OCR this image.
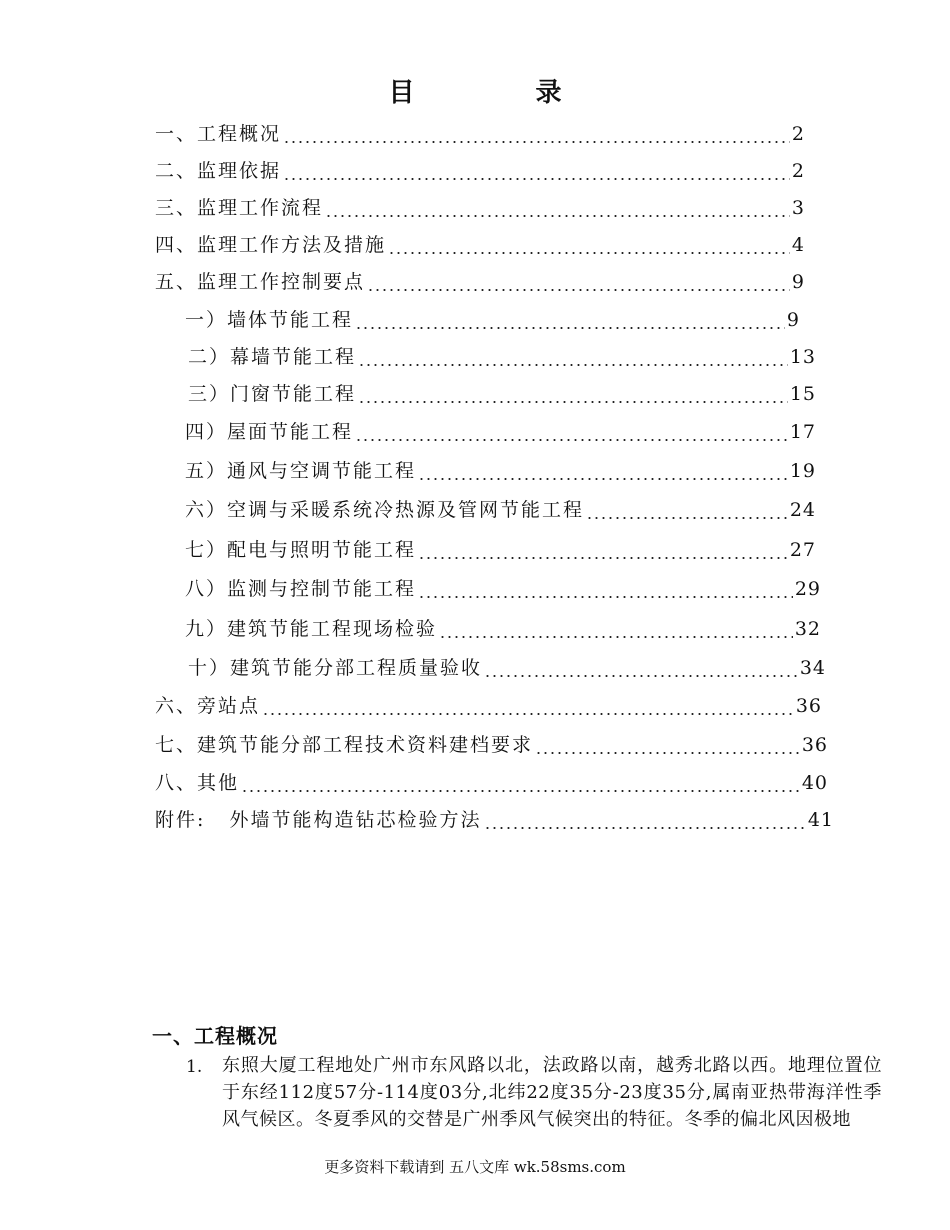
目 录
一、工程概况	2
二、监理依据	2
三、监理工作流程	3
四、监理工作方法及措施	4
五、监理工作控制要点	9
一）墙体节能工程	9
二）幕墙节能工程	13
三）门窗节能工程	15
四）屋面节能工程	17
五）通风与空调节能工程	19
六）空调与采暖系统冷热源及管网节能工程	24
七）配电与照明节能工程	27
八）监测与控制节能工程	29
九）建筑节能工程现场检验	32
十）建筑节能分部工程质量验收	34
六、旁站点	36
七、建筑节能分部工程技术资料建档要求	36
八、其他	40
附件:   外墙节能构造钻芯检验方法	41
一、工程概况
1. 东照大厦工程地处广州市东风路以北，法政路以南，越秀北路以西。地理位置位于东经112度57分-114度03分,北纬22度35分-23度35分,属南亚热带海洋性季风气候区。冬夏季风的交替是广州季风气候突出的特征。冬季的偏北风因极地
更多资料下载请到 五八文库 wk.58sms.com
